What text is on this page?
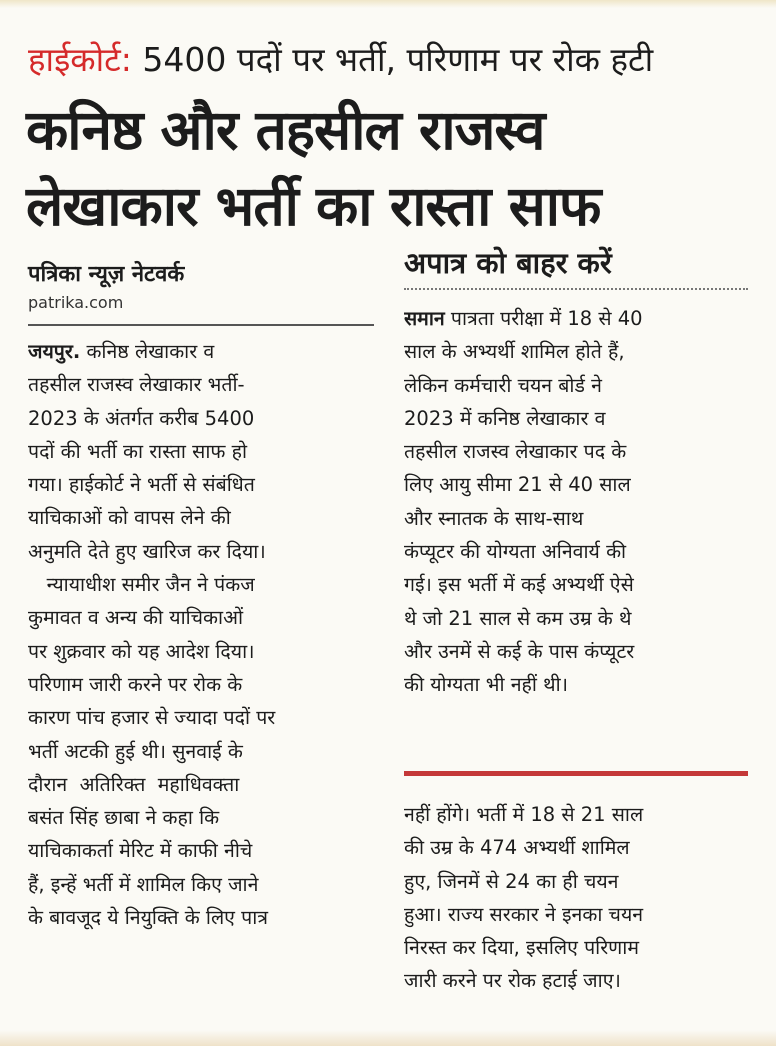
हाईकोर्ट: 5400 पदों पर भर्ती, परिणाम पर रोक हटी
कनिष्ठ और तहसील राजस्व
लेखाकार भर्ती का रास्ता साफ
पत्रिका न्यूज़ नेटवर्क
patrika.com
जयपुर. कनिष्ठ लेखाकार व
तहसील राजस्व लेखाकार भर्ती-
2023 के अंतर्गत करीब 5400
पदों की भर्ती का रास्ता साफ हो
गया। हाईकोर्ट ने भर्ती से संबंधित
याचिकाओं को वापस लेने की
अनुमति देते हुए खारिज कर दिया।
न्यायाधीश समीर जैन ने पंकज
कुमावत व अन्य की याचिकाओं
पर शुक्रवार को यह आदेश दिया।
परिणाम जारी करने पर रोक के
कारण पांच हजार से ज्यादा पदों पर
भर्ती अटकी हुई थी। सुनवाई के
दौरान  अतिरिक्त  महाधिवक्ता
बसंत सिंह छाबा ने कहा कि
याचिकाकर्ता मेरिट में काफी नीचे
हैं, इन्हें भर्ती में शामिल किए जाने
के बावजूद ये नियुक्ति के लिए पात्र
अपात्र को बाहर करें
समान पात्रता परीक्षा में 18 से 40
साल के अभ्यर्थी शामिल होते हैं,
लेकिन कर्मचारी चयन बोर्ड ने
2023 में कनिष्ठ लेखाकार व
तहसील राजस्व लेखाकार पद के
लिए आयु सीमा 21 से 40 साल
और स्नातक के साथ-साथ
कंप्यूटर की योग्यता अनिवार्य की
गई। इस भर्ती में कई अभ्यर्थी ऐसे
थे जो 21 साल से कम उम्र के थे
और उनमें से कई के पास कंप्यूटर
की योग्यता भी नहीं थी।
नहीं होंगे। भर्ती में 18 से 21 साल
की उम्र के 474 अभ्यर्थी शामिल
हुए, जिनमें से 24 का ही चयन
हुआ। राज्य सरकार ने इनका चयन
निरस्त कर दिया, इसलिए परिणाम
जारी करने पर रोक हटाई जाए।
